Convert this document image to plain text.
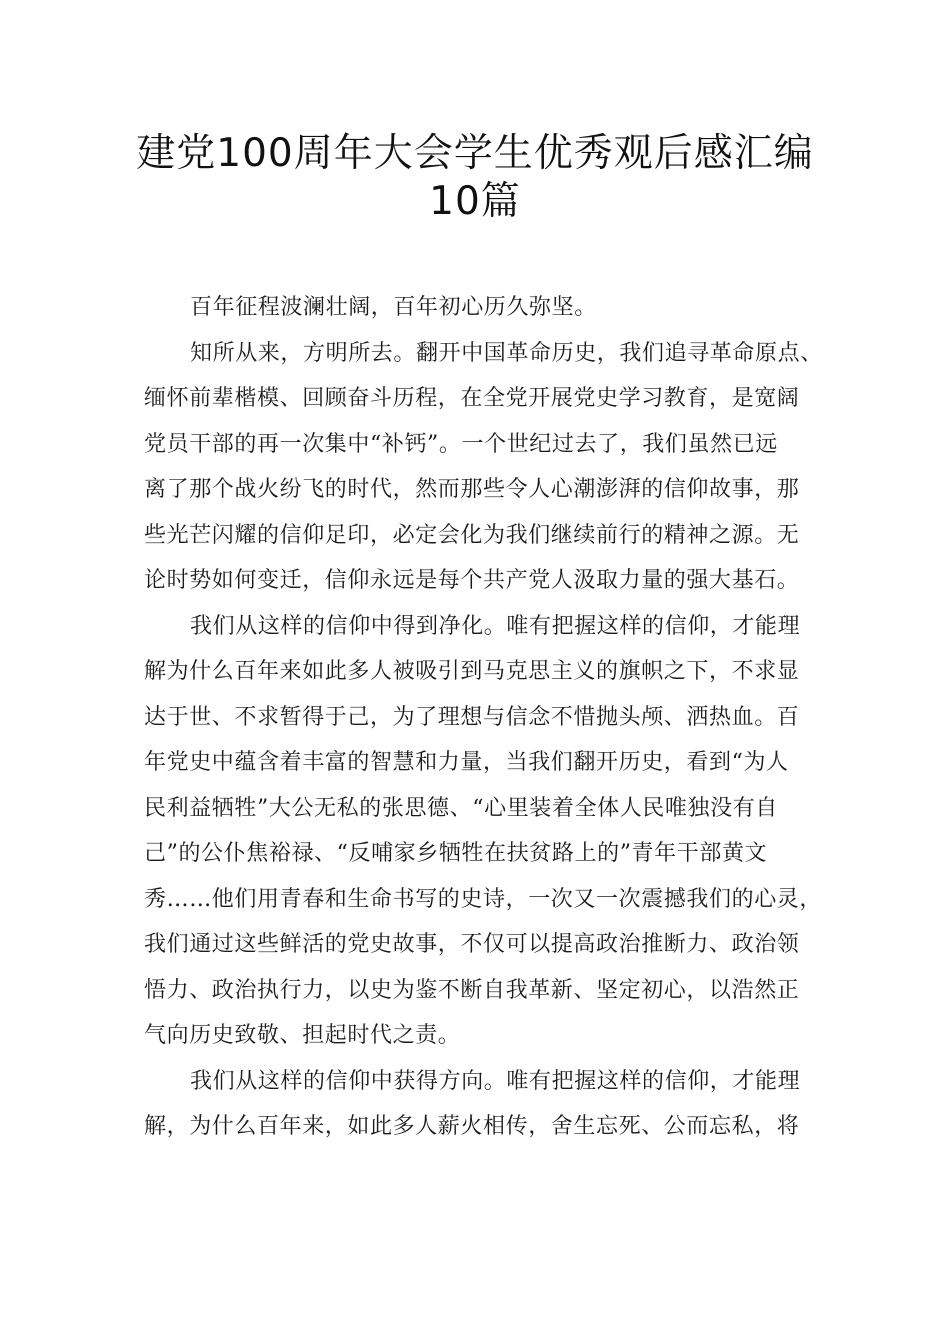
建党100周年大会学生优秀观后感汇编
10篇
百年征程波澜壮阔，百年初心历久弥坚。
知所从来，方明所去。翻开中国革命历史，我们追寻革命原点、
缅怀前辈楷模、回顾奋斗历程，在全党开展党史学习教育，是宽阔
党员干部的再一次集中“补钙”。一个世纪过去了，我们虽然已远
离了那个战火纷飞的时代，然而那些令人心潮澎湃的信仰故事，那
些光芒闪耀的信仰足印，必定会化为我们继续前行的精神之源。无
论时势如何变迁，信仰永远是每个共产党人汲取力量的强大基石。
我们从这样的信仰中得到净化。唯有把握这样的信仰，才能理
解为什么百年来如此多人被吸引到马克思主义的旗帜之下，不求显
达于世、不求暂得于己，为了理想与信念不惜抛头颅、洒热血。百
年党史中蕴含着丰富的智慧和力量，当我们翻开历史，看到“为人
民利益牺牲”大公无私的张思德、“心里装着全体人民唯独没有自
己”的公仆焦裕禄、“反哺家乡牺牲在扶贫路上的”青年干部黄文
秀……他们用青春和生命书写的史诗，一次又一次震撼我们的心灵，
我们通过这些鲜活的党史故事，不仅可以提高政治推断力、政治领
悟力、政治执行力，以史为鉴不断自我革新、坚定初心，以浩然正
气向历史致敬、担起时代之责。
我们从这样的信仰中获得方向。唯有把握这样的信仰，才能理
解，为什么百年来，如此多人薪火相传，舍生忘死、公而忘私，将
